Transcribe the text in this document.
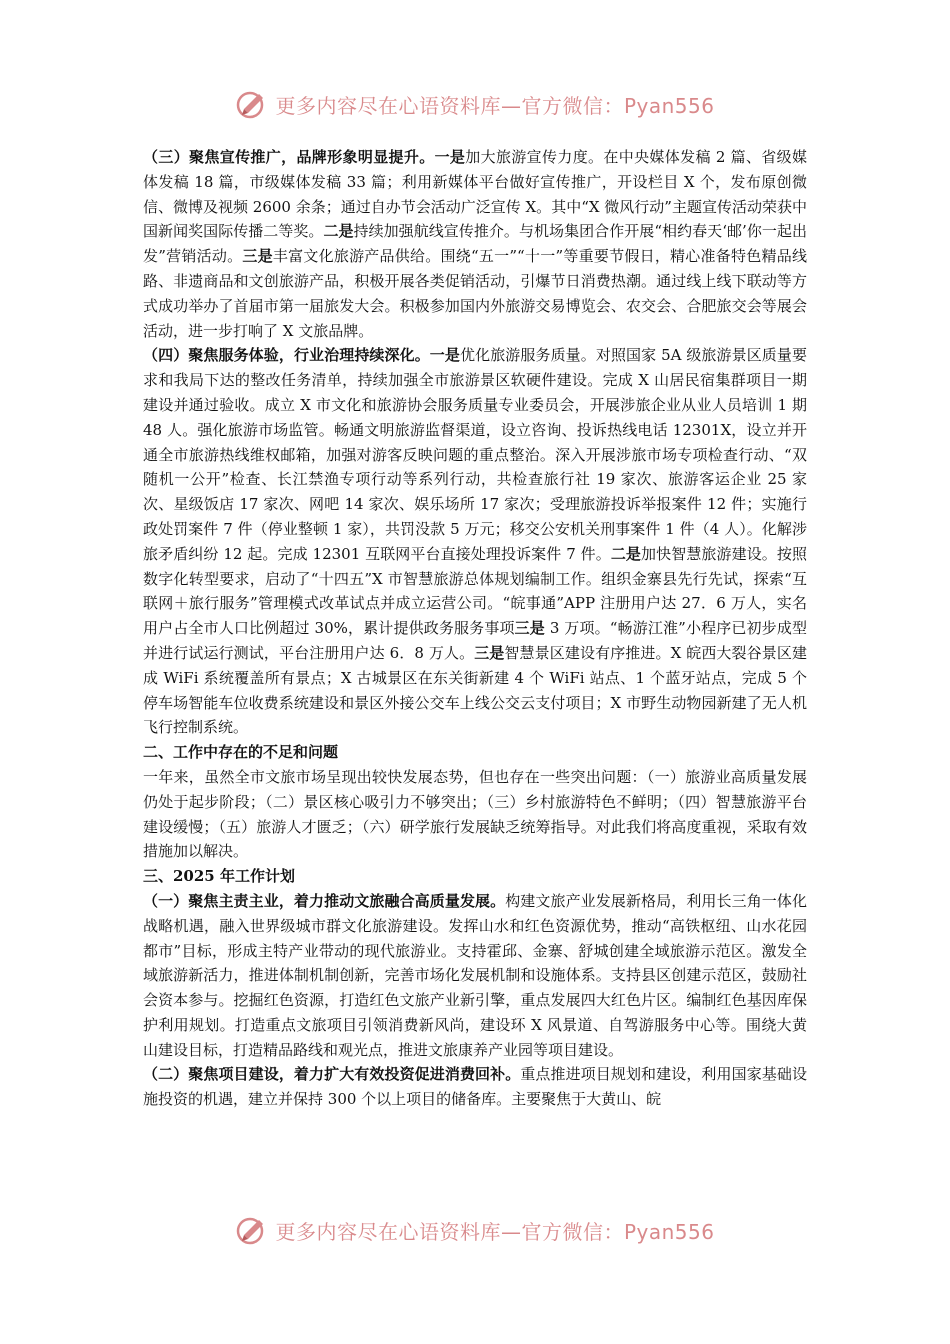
更多内容尽在心语资料库—官方微信：Pyan556

（三）聚焦宣传推广，品牌形象明显提升。一是加大旅游宣传力度。在中央媒体发稿 2 篇、省级媒体发稿 18 篇，市级媒体发稿 33 篇；利用新媒体平台做好宣传推广，开设栏目 X 个，发布原创微信、微博及视频 2600 余条；通过自办节会活动广泛宣传 X。其中“X 微风行动”主题宣传活动荣获中国新闻奖国际传播二等奖。二是持续加强航线宣传推介。与机场集团合作开展“相约春天‘邮’你一起出发”营销活动。三是丰富文化旅游产品供给。围绕“五一”“十一”等重要节假日，精心准备特色精品线路、非遗商品和文创旅游产品，积极开展各类促销活动，引爆节日消费热潮。通过线上线下联动等方式成功举办了首届市第一届旅发大会。积极参加国内外旅游交易博览会、农交会、合肥旅交会等展会活动，进一步打响了 X 文旅品牌。

（四）聚焦服务体验，行业治理持续深化。一是优化旅游服务质量。对照国家 5A 级旅游景区质量要求和我局下达的整改任务清单，持续加强全市旅游景区软硬件建设。完成 X 山居民宿集群项目一期建设并通过验收。成立 X 市文化和旅游协会服务质量专业委员会，开展涉旅企业从业人员培训 1 期 48 人。强化旅游市场监管。畅通文明旅游监督渠道，设立咨询、投诉热线电话 12301X，设立并开通全市旅游热线维权邮箱，加强对游客反映问题的重点整治。深入开展涉旅市场专项检查行动、“双随机一公开”检查、长江禁渔专项行动等系列行动，共检查旅行社 19 家次、旅游客运企业 25 家次、星级饭店 17 家次、网吧 14 家次、娱乐场所 17 家次；受理旅游投诉举报案件 12 件；实施行政处罚案件 7 件（停业整顿 1 家），共罚没款 5 万元；移交公安机关刑事案件 1 件（4 人）。化解涉旅矛盾纠纷 12 起。完成 12301 互联网平台直接处理投诉案件 7 件。二是加快智慧旅游建设。按照数字化转型要求，启动了“十四五”X 市智慧旅游总体规划编制工作。组织金寨县先行先试，探索“互联网＋旅行服务”管理模式改革试点并成立运营公司。“皖事通”APP 注册用户达 27．6 万人，实名用户占全市人口比例超过 30%，累计提供政务服务事项三是 3 万项。“畅游江淮”小程序已初步成型并进行试运行测试，平台注册用户达 6．8 万人。三是智慧景区建设有序推进。X 皖西大裂谷景区建成 WiFi 系统覆盖所有景点；X 古城景区在东关街新建 4 个 WiFi 站点、1 个蓝牙站点，完成 5 个停车场智能车位收费系统建设和景区外接公交车上线公交云支付项目；X 市野生动物园新建了无人机飞行控制系统。

二、工作中存在的不足和问题

一年来，虽然全市文旅市场呈现出较快发展态势，但也存在一些突出问题：（一）旅游业高质量发展仍处于起步阶段；（二）景区核心吸引力不够突出；（三）乡村旅游特色不鲜明；（四）智慧旅游平台建设缓慢；（五）旅游人才匮乏；（六）研学旅行发展缺乏统筹指导。对此我们将高度重视，采取有效措施加以解决。

三、2025 年工作计划

（一）聚焦主责主业，着力推动文旅融合高质量发展。构建文旅产业发展新格局，利用长三角一体化战略机遇，融入世界级城市群文化旅游建设。发挥山水和红色资源优势，推动“高铁枢纽、山水花园都市”目标，形成主特产业带动的现代旅游业。支持霍邱、金寨、舒城创建全域旅游示范区。激发全域旅游新活力，推进体制机制创新，完善市场化发展机制和设施体系。支持县区创建示范区，鼓励社会资本参与。挖掘红色资源，打造红色文旅产业新引擎，重点发展四大红色片区。编制红色基因库保护利用规划。打造重点文旅项目引领消费新风尚，建设环 X 风景道、自驾游服务中心等。围绕大黄山建设目标，打造精品路线和观光点，推进文旅康养产业园等项目建设。

（二）聚焦项目建设，着力扩大有效投资促进消费回补。重点推进项目规划和建设，利用国家基础设施投资的机遇，建立并保持 300 个以上项目的储备库。主要聚焦于大黄山、皖

更多内容尽在心语资料库—官方微信：Pyan556
